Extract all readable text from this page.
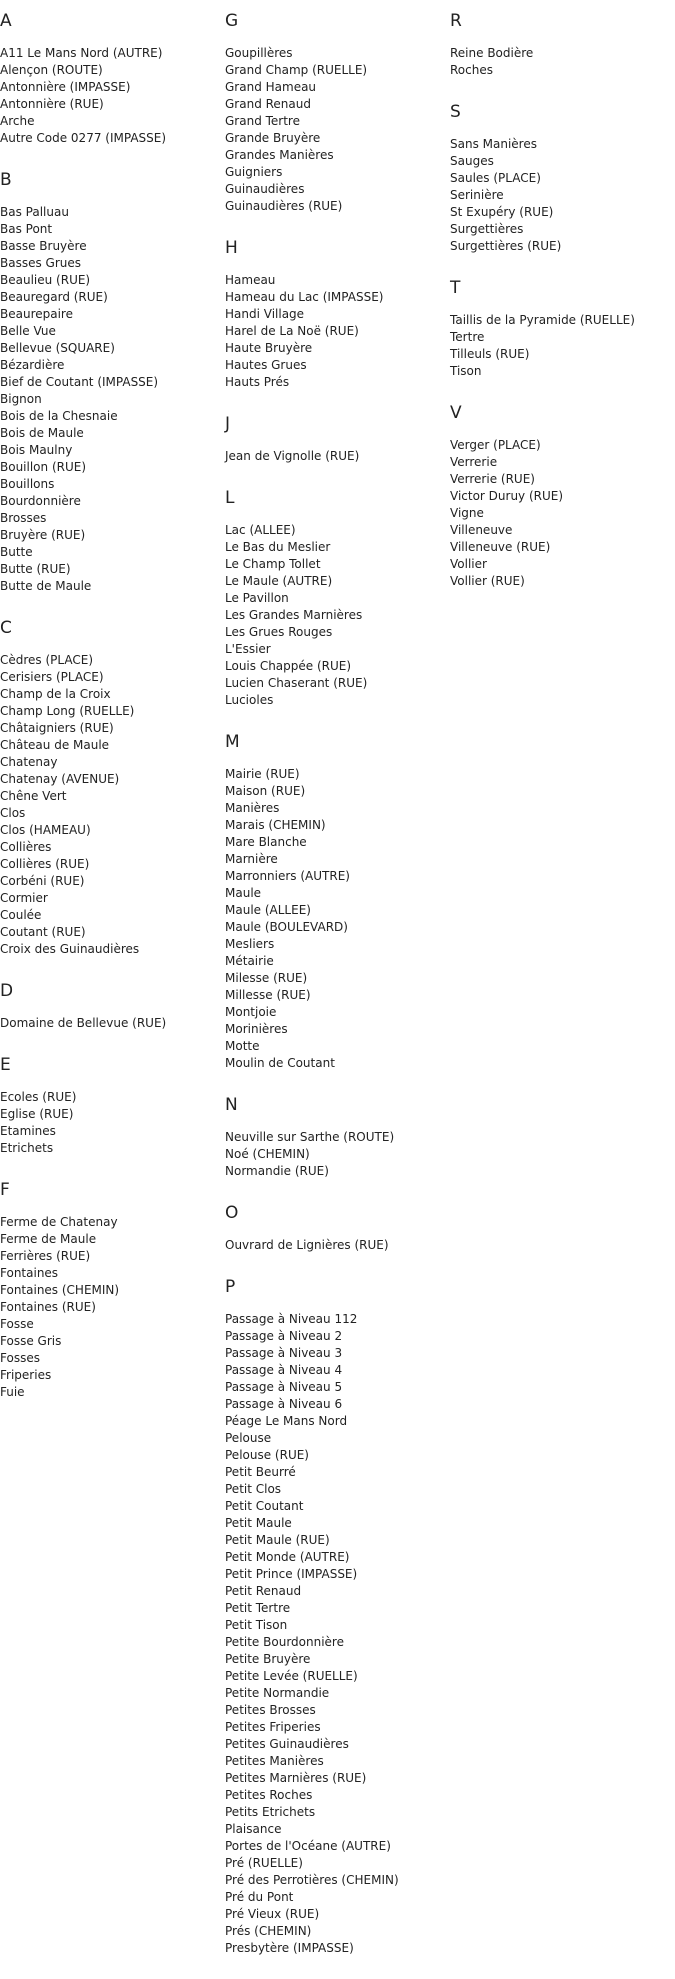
A
A11 Le Mans Nord (AUTRE)
Alençon (ROUTE)
Antonnière (IMPASSE)
Antonnière (RUE)
Arche
Autre Code 0277 (IMPASSE)
B
Bas Palluau
Bas Pont
Basse Bruyère
Basses Grues
Beaulieu (RUE)
Beauregard (RUE)
Beaurepaire
Belle Vue
Bellevue (SQUARE)
Bézardière
Bief de Coutant (IMPASSE)
Bignon
Bois de la Chesnaie
Bois de Maule
Bois Maulny
Bouillon (RUE)
Bouillons
Bourdonnière
Brosses
Bruyère (RUE)
Butte
Butte (RUE)
Butte de Maule
C
Cèdres (PLACE)
Cerisiers (PLACE)
Champ de la Croix
Champ Long (RUELLE)
Châtaigniers (RUE)
Château de Maule
Chatenay
Chatenay (AVENUE)
Chêne Vert
Clos
Clos (HAMEAU)
Collières
Collières (RUE)
Corbéni (RUE)
Cormier
Coulée
Coutant (RUE)
Croix des Guinaudières
D
Domaine de Bellevue (RUE)
E
Ecoles (RUE)
Eglise (RUE)
Etamines
Etrichets
F
Ferme de Chatenay
Ferme de Maule
Ferrières (RUE)
Fontaines
Fontaines (CHEMIN)
Fontaines (RUE)
Fosse
Fosse Gris
Fosses
Friperies
Fuie
G
Goupillères
Grand Champ (RUELLE)
Grand Hameau
Grand Renaud
Grand Tertre
Grande Bruyère
Grandes Manières
Guigniers
Guinaudières
Guinaudières (RUE)
H
Hameau
Hameau du Lac (IMPASSE)
Handi Village
Harel de La Noë (RUE)
Haute Bruyère
Hautes Grues
Hauts Prés
J
Jean de Vignolle (RUE)
L
Lac (ALLEE)
Le Bas du Meslier
Le Champ Tollet
Le Maule (AUTRE)
Le Pavillon
Les Grandes Marnières
Les Grues Rouges
L'Essier
Louis Chappée (RUE)
Lucien Chaserant (RUE)
Lucioles
M
Mairie (RUE)
Maison (RUE)
Manières
Marais (CHEMIN)
Mare Blanche
Marnière
Marronniers (AUTRE)
Maule
Maule (ALLEE)
Maule (BOULEVARD)
Mesliers
Métairie
Milesse (RUE)
Millesse (RUE)
Montjoie
Morinières
Motte
Moulin de Coutant
N
Neuville sur Sarthe (ROUTE)
Noé (CHEMIN)
Normandie (RUE)
O
Ouvrard de Lignières (RUE)
P
Passage à Niveau 112
Passage à Niveau 2
Passage à Niveau 3
Passage à Niveau 4
Passage à Niveau 5
Passage à Niveau 6
Péage Le Mans Nord
Pelouse
Pelouse (RUE)
Petit Beurré
Petit Clos
Petit Coutant
Petit Maule
Petit Maule (RUE)
Petit Monde (AUTRE)
Petit Prince (IMPASSE)
Petit Renaud
Petit Tertre
Petit Tison
Petite Bourdonnière
Petite Bruyère
Petite Levée (RUELLE)
Petite Normandie
Petites Brosses
Petites Friperies
Petites Guinaudières
Petites Manières
Petites Marnières (RUE)
Petites Roches
Petits Etrichets
Plaisance
Portes de l'Océane (AUTRE)
Pré (RUELLE)
Pré des Perrotières (CHEMIN)
Pré du Pont
Pré Vieux (RUE)
Prés (CHEMIN)
Presbytère (IMPASSE)
R
Reine Bodière
Roches
S
Sans Manières
Sauges
Saules (PLACE)
Serinière
St Exupéry (RUE)
Surgettières
Surgettières (RUE)
T
Taillis de la Pyramide (RUELLE)
Tertre
Tilleuls (RUE)
Tison
V
Verger (PLACE)
Verrerie
Verrerie (RUE)
Victor Duruy (RUE)
Vigne
Villeneuve
Villeneuve (RUE)
Vollier
Vollier (RUE)
